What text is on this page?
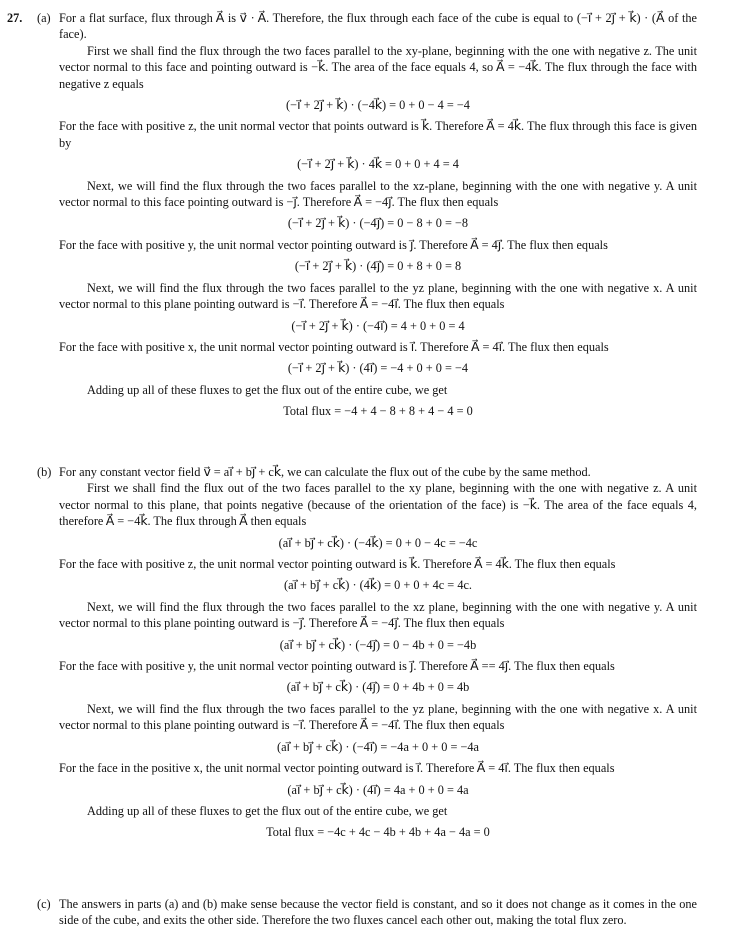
27. (a) For a flat surface, flux through A⃗ is v⃗ · A⃗. Therefore, the flux through each face of the cube is equal to (−i⃗ + 2j⃗ + k⃗) · (A⃗ of the face).
First we shall find the flux through the two faces parallel to the xy-plane, beginning with the one with negative z. The unit vector normal to this face and pointing outward is −k⃗. The area of the face equals 4, so A⃗ = −4k⃗. The flux through the face with negative z equals
(−i⃗ + 2j⃗ + k⃗) · (−4k⃗) = 0 + 0 − 4 = −4
For the face with positive z, the unit normal vector that points outward is k⃗. Therefore A⃗ = 4k⃗. The flux through this face is given by
(−i⃗ + 2j⃗ + k⃗) · 4k⃗ = 0 + 0 + 4 = 4
Next, we will find the flux through the two faces parallel to the xz-plane, beginning with the one with negative y. A unit vector normal to this face pointing outward is −j⃗. Therefore A⃗ = −4j⃗. The flux then equals
(−i⃗ + 2j⃗ + k⃗) · (−4j⃗) = 0 − 8 + 0 = −8
For the face with positive y, the unit normal vector pointing outward is j⃗. Therefore A⃗ = 4j⃗. The flux then equals
(−i⃗ + 2j⃗ + k⃗) · (4j⃗) = 0 + 8 + 0 = 8
Next, we will find the flux through the two faces parallel to the yz plane, beginning with the one with negative x. A unit vector normal to this plane pointing outward is −i⃗. Therefore A⃗ = −4i⃗. The flux then equals
(−i⃗ + 2j⃗ + k⃗) · (−4i⃗) = 4 + 0 + 0 = 4
For the face with positive x, the unit normal vector pointing outward is i⃗. Therefore A⃗ = 4i⃗. The flux then equals
(−i⃗ + 2j⃗ + k⃗) · (4i⃗) = −4 + 0 + 0 = −4
Adding up all of these fluxes to get the flux out of the entire cube, we get
Total flux = −4 + 4 − 8 + 8 + 4 − 4 = 0
(b) For any constant vector field v⃗ = ai⃗ + bj⃗ + ck⃗, we can calculate the flux out of the cube by the same method.
First we shall find the flux out of the two faces parallel to the xy plane, beginning with the one with negative z. A unit vector normal to this plane, that points negative (because of the orientation of the face) is −k⃗. The area of the face equals 4, therefore A⃗ = −4k⃗. The flux through A⃗ then equals
(ai⃗ + bj⃗ + ck⃗) · (−4k⃗) = 0 + 0 − 4c = −4c
For the face with positive z, the unit normal vector pointing outward is k⃗. Therefore A⃗ = 4k⃗. The flux then equals
(ai⃗ + bj⃗ + ck⃗) · (4k⃗) = 0 + 0 + 4c = 4c.
Next, we will find the flux through the two faces parallel to the xz plane, beginning with the one with negative y. A unit vector normal to this plane pointing outward is −j⃗. Therefore A⃗ = −4j⃗. The flux then equals
(ai⃗ + bj⃗ + ck⃗) · (−4j⃗) = 0 − 4b + 0 = −4b
For the face with positive y, the unit normal vector pointing outward is j⃗. Therefore A⃗ == 4j⃗. The flux then equals
(ai⃗ + bj⃗ + ck⃗) · (4j⃗) = 0 + 4b + 0 = 4b
Next, we will find the flux through the two faces parallel to the yz plane, beginning with the one with negative x. A unit vector normal to this plane pointing outward is −i⃗. Therefore A⃗ = −4i⃗. The flux then equals
(ai⃗ + bj⃗ + ck⃗) · (−4i⃗) = −4a + 0 + 0 = −4a
For the face in the positive x, the unit normal vector pointing outward is i⃗. Therefore A⃗ = 4i⃗. The flux then equals
(ai⃗ + bj⃗ + ck⃗) · (4i⃗) = 4a + 0 + 0 = 4a
Adding up all of these fluxes to get the flux out of the entire cube, we get
Total flux = −4c + 4c − 4b + 4b + 4a − 4a = 0
(c) The answers in parts (a) and (b) make sense because the vector field is constant, and so it does not change as it comes in the one side of the cube, and exits the other side. Therefore the two fluxes cancel each other out, making the total flux zero.
